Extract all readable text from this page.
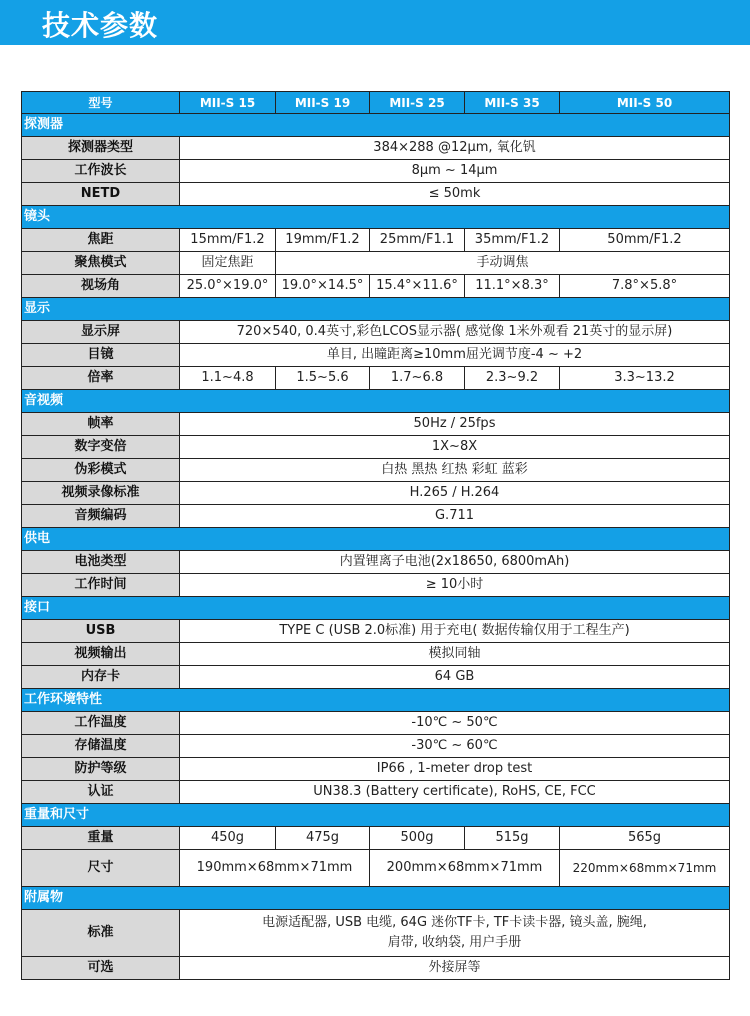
技术参数
型号	MII-S 15	MII-S 19	MII-S 25	MII-S 35	MII-S 50
探测器					
探测器类型	384×288 @12μm, 氧化钒				
工作波长	8μm ~ 14μm				
NETD	≤ 50mk				
镜头					
焦距	15mm/F1.2	19mm/F1.2	25mm/F1.1	35mm/F1.2	50mm/F1.2
聚焦模式	固定焦距	手动调焦			
视场角	25.0°×19.0°	19.0°×14.5°	15.4°×11.6°	11.1°×8.3°	7.8°×5.8°
显示					
显示屏	720×540, 0.4英寸,彩色LCOS显示器( 感觉像 1米外观看 21英寸的显示屏)				
目镜	单目, 出瞳距离≥10mm屈光调节度-4 ~ +2				
倍率	1.1~4.8	1.5~5.6	1.7~6.8	2.3~9.2	3.3~13.2
音视频					
帧率	50Hz / 25fps				
数字变倍	1X~8X				
伪彩模式	白热 黑热 红热 彩虹 蓝彩				
视频录像标准	H.265 / H.264				
音频编码	G.711				
供电					
电池类型	内置锂离子电池(2x18650, 6800mAh)				
工作时间	≥ 10小时				
接口					
USB	TYPE C (USB 2.0标准) 用于充电( 数据传输仅用于工程生产)				
视频输出	模拟同轴				
内存卡	64 GB				
工作环境特性					
工作温度	-10℃ ~ 50℃				
存储温度	-30℃ ~ 60℃				
防护等级	IP66 , 1-meter drop test				
认证	UN38.3 (Battery certificate), RoHS, CE, FCC				
重量和尺寸					
重量	450g	475g	500g	515g	565g
尺寸	190mm×68mm×71mm		200mm×68mm×71mm		220mm×68mm×71mm
附属物					
标准	电源适配器, USB 电缆, 64G 迷你TF卡, TF卡读卡器, 镜头盖, 腕绳,
肩带, 收纳袋, 用户手册				

可选	外接屏等				
